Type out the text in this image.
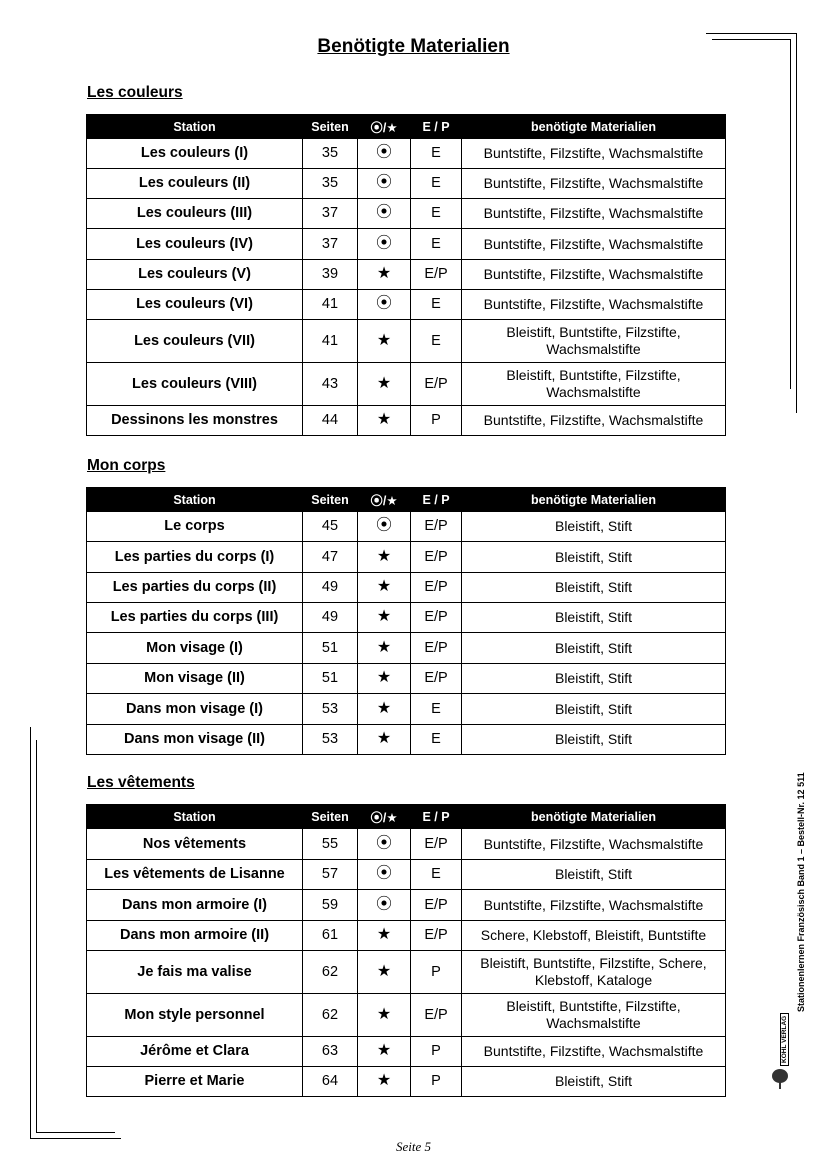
Benötigte Materialien
Les couleurs
Station	Seiten	⦿/★	E / P	benötigte Materialien
Les couleurs (I)	35	⦿	E	Buntstifte, Filzstifte, Wachsmalstifte
Les couleurs (II)	35	⦿	E	Buntstifte, Filzstifte, Wachsmalstifte
Les couleurs (III)	37	⦿	E	Buntstifte, Filzstifte, Wachsmalstifte
Les couleurs (IV)	37	⦿	E	Buntstifte, Filzstifte, Wachsmalstifte
Les couleurs (V)	39	★	E/P	Buntstifte, Filzstifte, Wachsmalstifte
Les couleurs (VI)	41	⦿	E	Buntstifte, Filzstifte, Wachsmalstifte
Les couleurs (VII)	41	★	E	Bleistift, Buntstifte, Filzstifte, Wachsmalstifte
Les couleurs (VIII)	43	★	E/P	Bleistift, Buntstifte, Filzstifte, Wachsmalstifte
Dessinons les monstres	44	★	P	Buntstifte, Filzstifte, Wachsmalstifte
Mon corps
Station	Seiten	⦿/★	E / P	benötigte Materialien
Le corps	45	⦿	E/P	Bleistift, Stift
Les parties du corps (I)	47	★	E/P	Bleistift, Stift
Les parties du corps (II)	49	★	E/P	Bleistift, Stift
Les parties du corps (III)	49	★	E/P	Bleistift, Stift
Mon visage (I)	51	★	E/P	Bleistift, Stift
Mon visage (II)	51	★	E/P	Bleistift, Stift
Dans mon visage (I)	53	★	E	Bleistift, Stift
Dans mon visage (II)	53	★	E	Bleistift, Stift
Les vêtements
Station	Seiten	⦿/★	E / P	benötigte Materialien
Nos vêtements	55	⦿	E/P	Buntstifte, Filzstifte, Wachsmalstifte
Les vêtements de Lisanne	57	⦿	E	Bleistift, Stift
Dans mon armoire (I)	59	⦿	E/P	Buntstifte, Filzstifte, Wachsmalstifte
Dans mon armoire (II)	61	★	E/P	Schere, Klebstoff, Bleistift, Buntstifte
Je fais ma valise	62	★	P	Bleistift, Buntstifte, Filzstifte, Schere, Klebstoff, Kataloge
Mon style personnel	62	★	E/P	Bleistift, Buntstifte, Filzstifte, Wachsmalstifte
Jérôme et Clara	63	★	P	Buntstifte, Filzstifte, Wachsmalstifte
Pierre et Marie	64	★	P	Bleistift, Stift
Stationenlernen Französisch Band 1 – Bestell-Nr. 12 511
KOHL VERLAG
Seite 5
